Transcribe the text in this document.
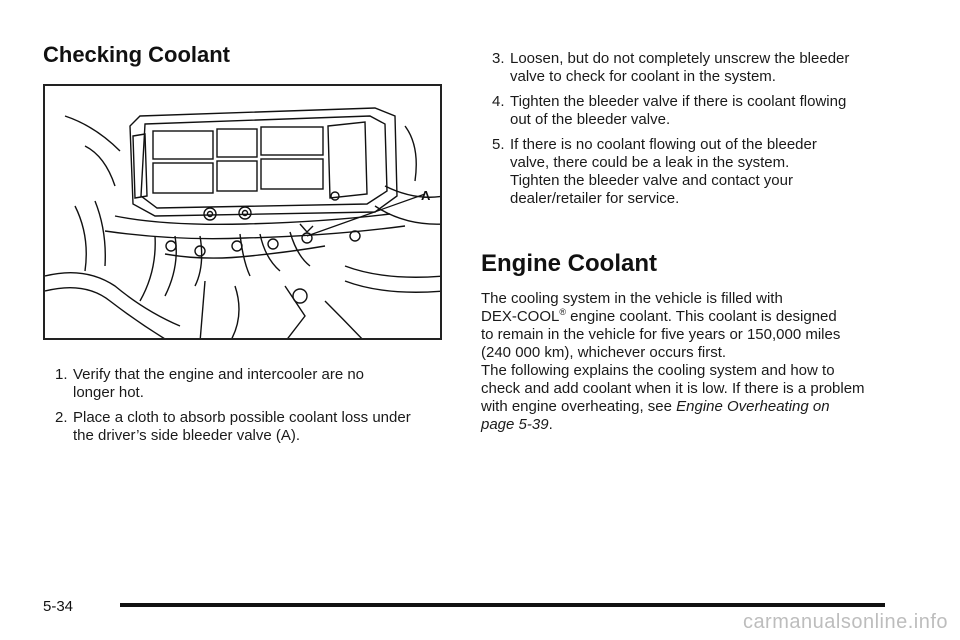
Checking Coolant
A
1. Verify that the engine and intercooler are no
longer hot.
2. Place a cloth to absorb possible coolant loss under
the driver’s side bleeder valve (A).
3. Loosen, but do not completely unscrew the bleeder
valve to check for coolant in the system.
4. Tighten the bleeder valve if there is coolant flowing
out of the bleeder valve.
5. If there is no coolant flowing out of the bleeder
valve, there could be a leak in the system.
Tighten the bleeder valve and contact your
dealer/retailer for service.
Engine Coolant

The cooling system in the vehicle is filled with
DEX-COOL® engine coolant. This coolant is designed
to remain in the vehicle for five years or 150,000 miles
(240 000 km), whichever occurs first.

The following explains the cooling system and how to
check and add coolant when it is low. If there is a problem
with engine overheating, see Engine Overheating on
page 5-39.

5-34
carmanualsonline.info
